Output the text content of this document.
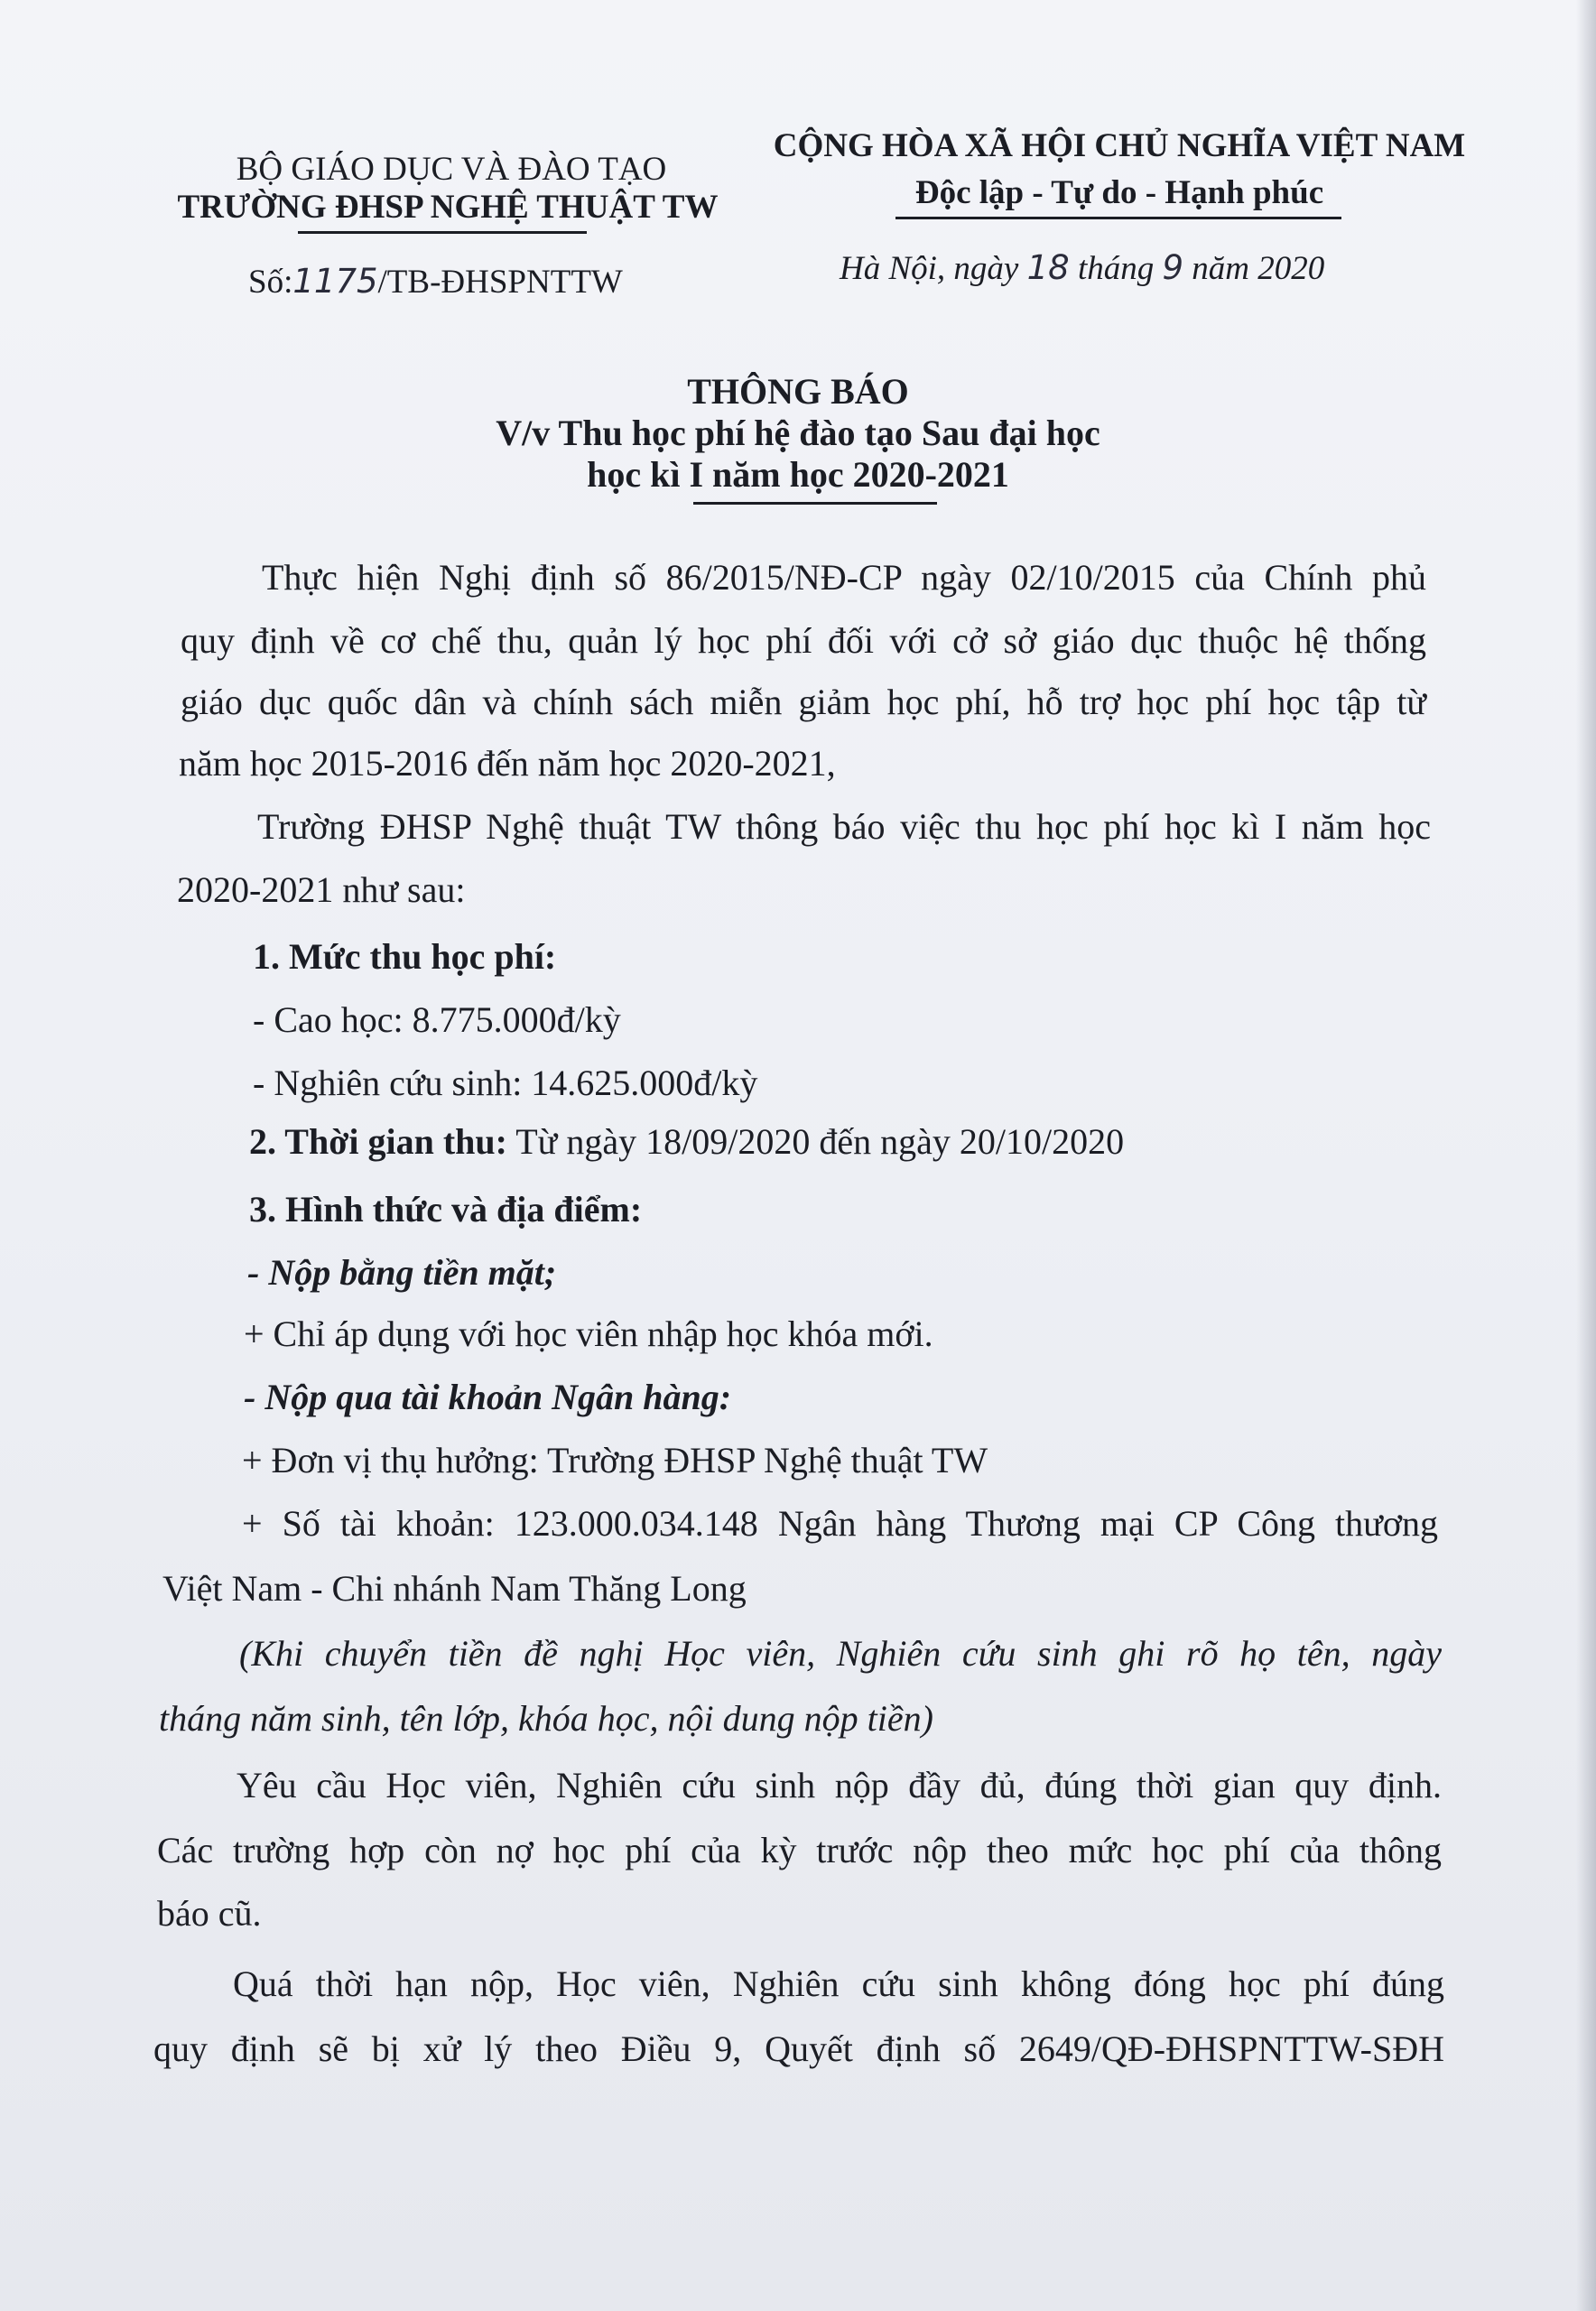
BỘ GIÁO DỤC VÀ ĐÀO TẠO
TRƯỜNG ĐHSP NGHỆ THUẬT TW
Số:1175/TB-ĐHSPNTTW
CỘNG HÒA XÃ HỘI CHỦ NGHĨA VIỆT NAM
Độc lập - Tự do - Hạnh phúc
Hà Nội, ngày 18 tháng 9 năm 2020
THÔNG BÁO
V/v Thu học phí hệ đào tạo Sau đại học
học kì I năm học 2020-2021
Thực hiện Nghị định số 86/2015/NĐ-CP ngày 02/10/2015 của Chính phủ
quy định về cơ chế thu, quản lý học phí đối với cở sở giáo dục thuộc hệ thống
giáo dục quốc dân và chính sách miễn giảm học phí, hỗ trợ học phí học tập từ
năm học 2015-2016 đến năm học 2020-2021,
Trường ĐHSP Nghệ thuật TW thông báo việc thu học phí học kì I năm học
2020-2021 như sau:
1. Mức thu học phí:
- Cao học: 8.775.000đ/kỳ
- Nghiên cứu sinh: 14.625.000đ/kỳ
2. Thời gian thu: Từ ngày 18/09/2020 đến ngày 20/10/2020
3. Hình thức và địa điểm:
- Nộp bằng tiền mặt;
+ Chỉ áp dụng với học viên nhập học khóa mới.
- Nộp qua tài khoản Ngân hàng:
+ Đơn vị thụ hưởng: Trường ĐHSP Nghệ thuật TW
+ Số tài khoản: 123.000.034.148 Ngân hàng Thương mại CP Công thương
Việt Nam - Chi nhánh Nam Thăng Long
(Khi chuyển tiền đề nghị Học viên, Nghiên cứu sinh ghi rõ họ tên, ngày
tháng năm sinh, tên lớp, khóa học, nội dung nộp tiền)
Yêu cầu Học viên, Nghiên cứu sinh nộp đầy đủ, đúng thời gian quy định.
Các trường hợp còn nợ học phí của kỳ trước nộp theo mức học phí của thông
báo cũ.
Quá thời hạn nộp, Học viên, Nghiên cứu sinh không đóng học phí đúng
quy định sẽ bị xử lý theo Điều 9, Quyết định số 2649/QĐ-ĐHSPNTTW-SĐH
